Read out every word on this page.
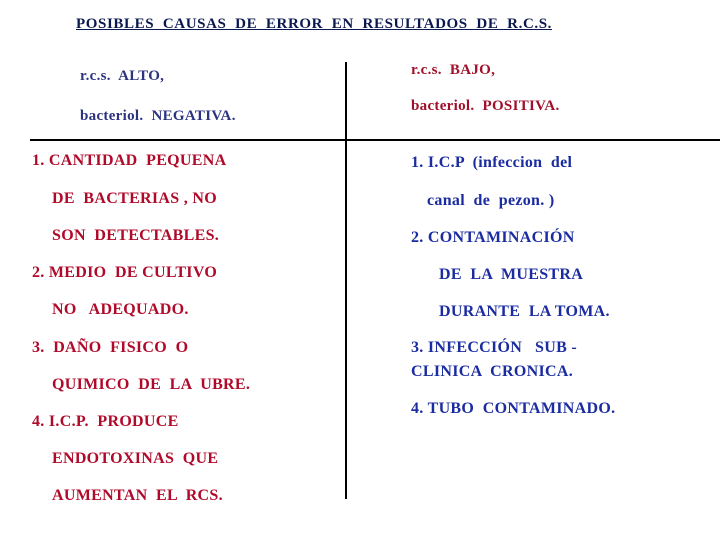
POSIBLES  CAUSAS  DE  ERROR  EN  RESULTADOS  DE  R.C.S.
r.c.s.  ALTO,
bacteriol.  NEGATIVA.
r.c.s.  BAJO,
bacteriol.  POSITIVA.
1. CANTIDAD  PEQUENA
DE  BACTERIAS , NO
SON  DETECTABLES.
2. MEDIO  DE CULTIVO
NO   ADEQUADO.
3.  DAÑO  FISICO  O
QUIMICO  DE  LA  UBRE.
4. I.C.P.  PRODUCE
ENDOTOXINAS  QUE
AUMENTAN  EL  RCS.
1. I.C.P  (infeccion  del
canal  de  pezon. )
2. CONTAMINACIÓN
DE  LA  MUESTRA
DURANTE  LA TOMA.
3. INFECCIÓN   SUB -
CLINICA  CRONICA.
4. TUBO  CONTAMINADO.
